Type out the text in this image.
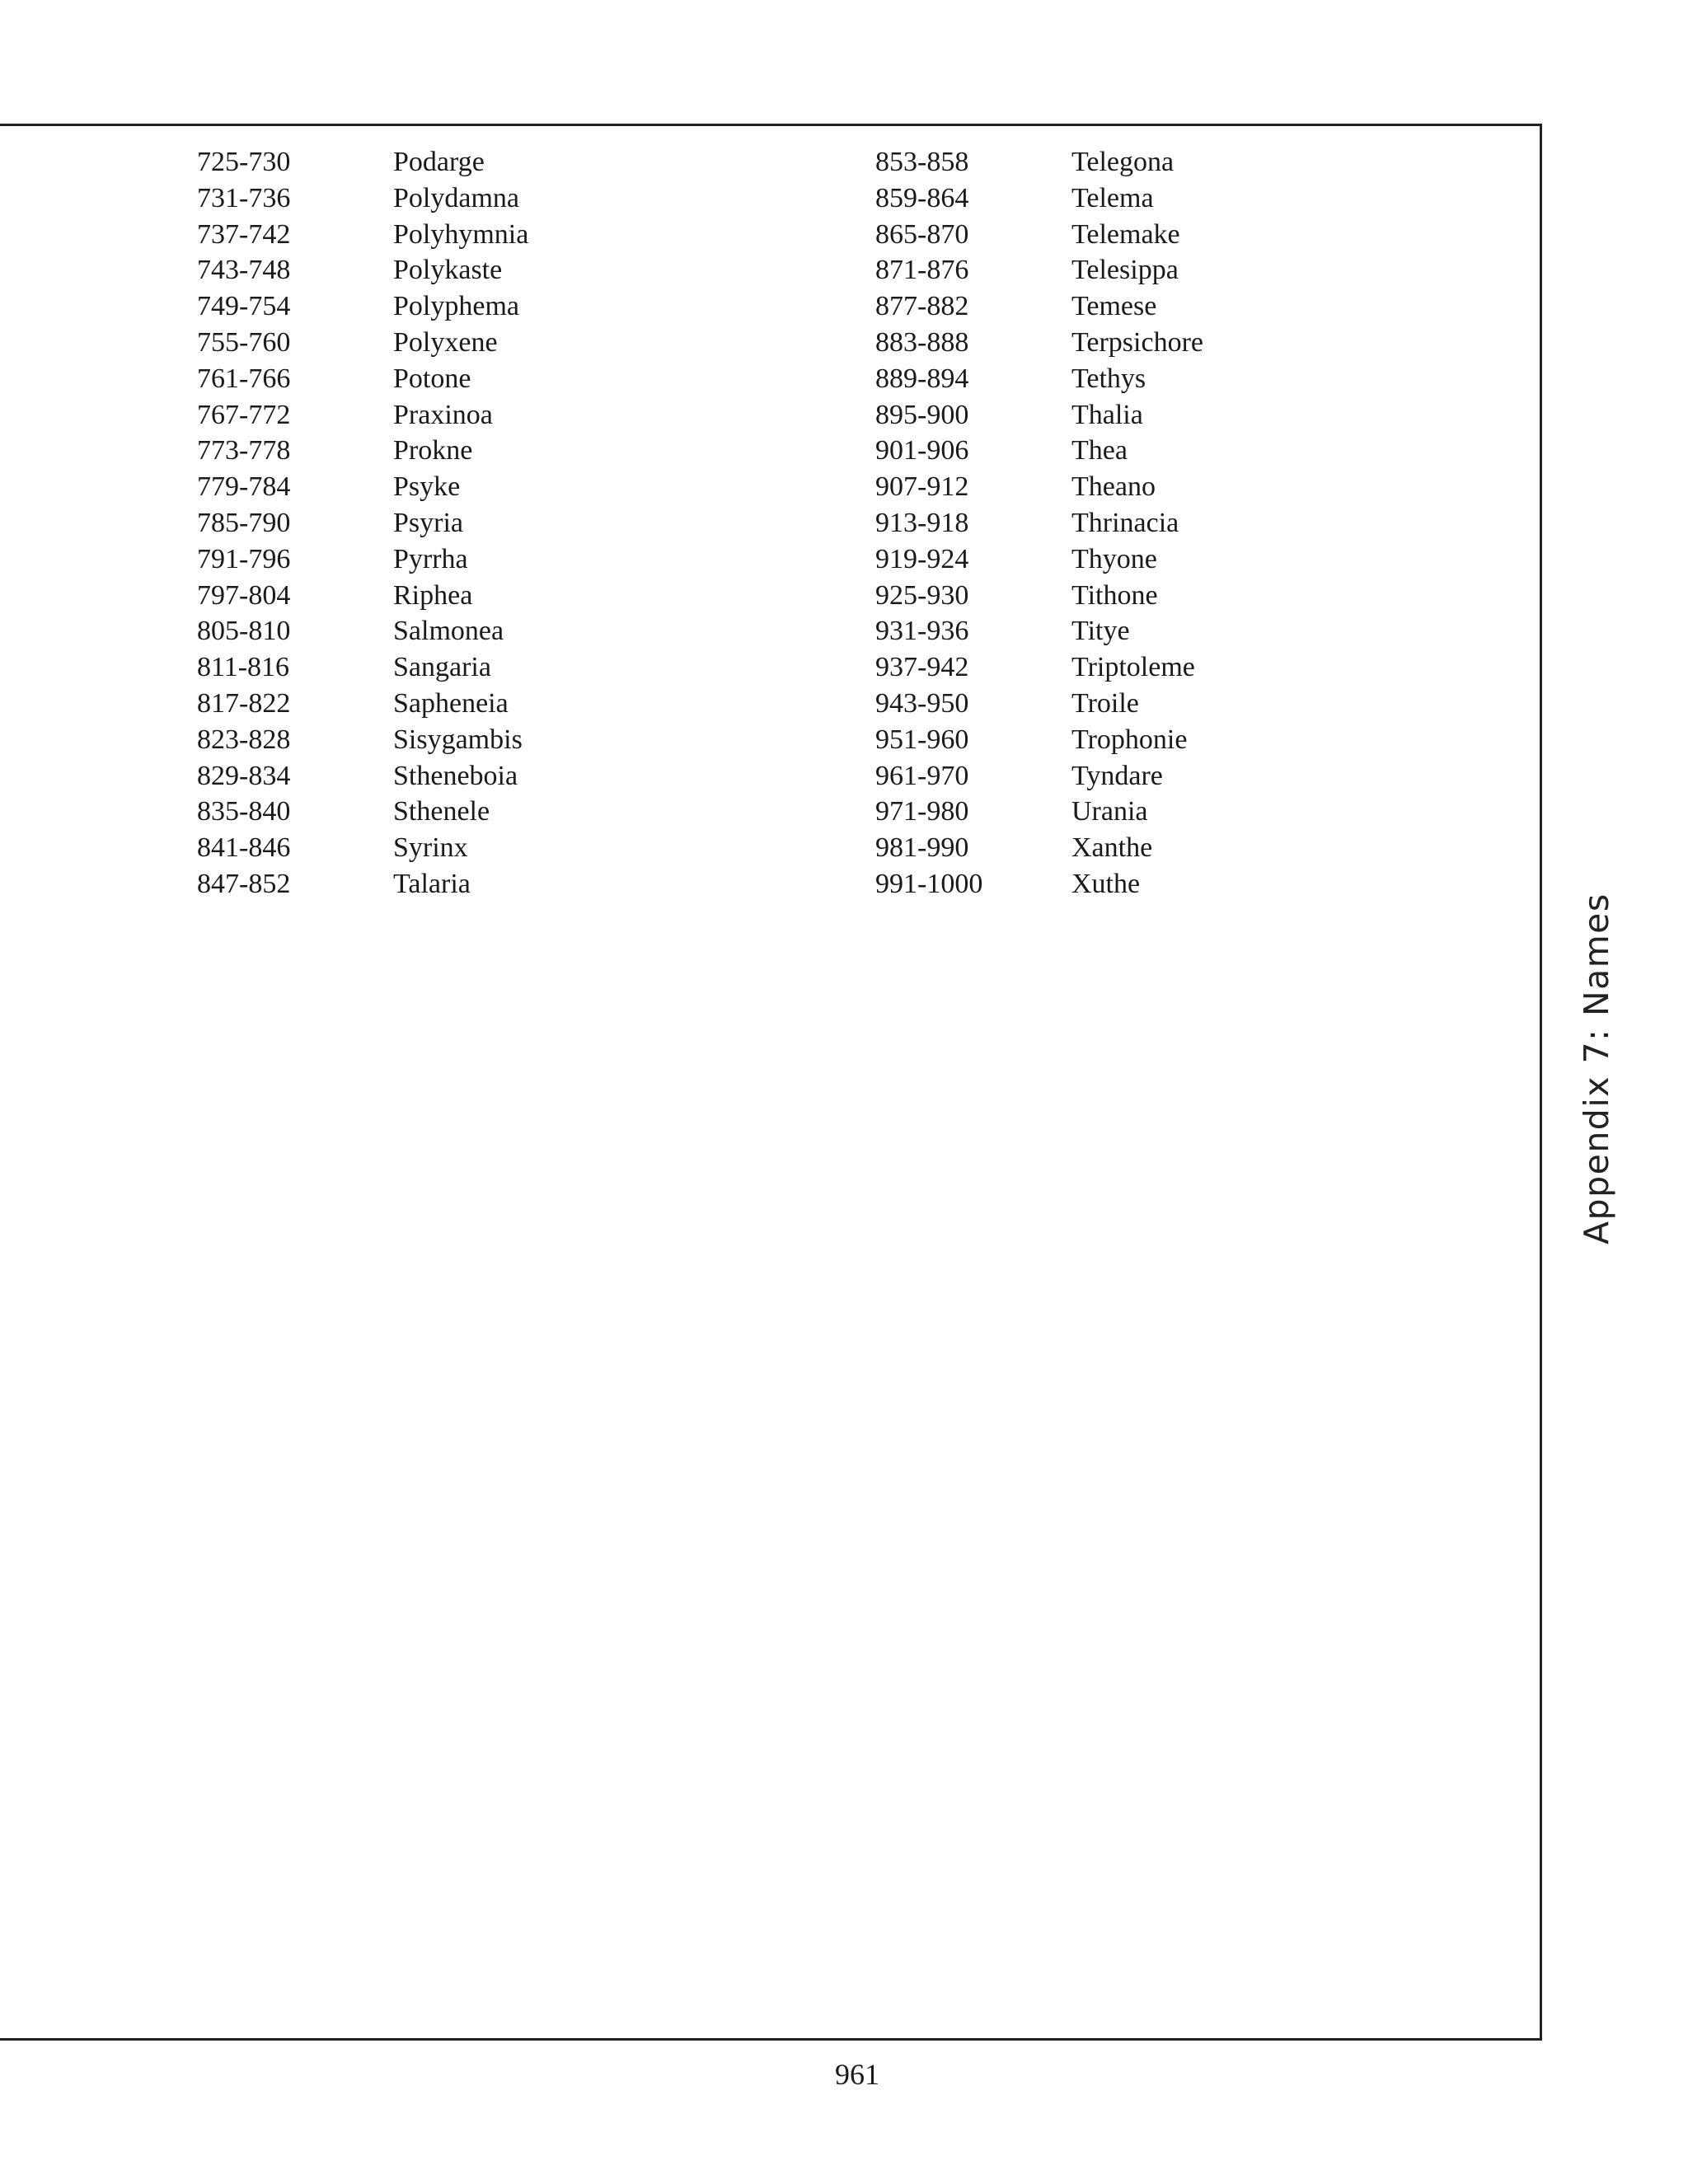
725-730	Podarge
731-736	Polydamna
737-742	Polyhymnia
743-748	Polykaste
749-754	Polyphema
755-760	Polyxene
761-766	Potone
767-772	Praxinoa
773-778	Prokne
779-784	Psyke
785-790	Psyria
791-796	Pyrrha
797-804	Riphea
805-810	Salmonea
811-816	Sangaria
817-822	Sapheneia
823-828	Sisygambis
829-834	Stheneboia
835-840	Sthenele
841-846	Syrinx
847-852	Talaria
853-858	Telegona
859-864	Telema
865-870	Telemake
871-876	Telesippa
877-882	Temese
883-888	Terpsichore
889-894	Tethys
895-900	Thalia
901-906	Thea
907-912	Theano
913-918	Thrinacia
919-924	Thyone
925-930	Tithone
931-936	Titye
937-942	Triptoleme
943-950	Troile
951-960	Trophonie
961-970	Tyndare
971-980	Urania
981-990	Xanthe
991-1000	Xuthe
Appendix 7: Names
961
